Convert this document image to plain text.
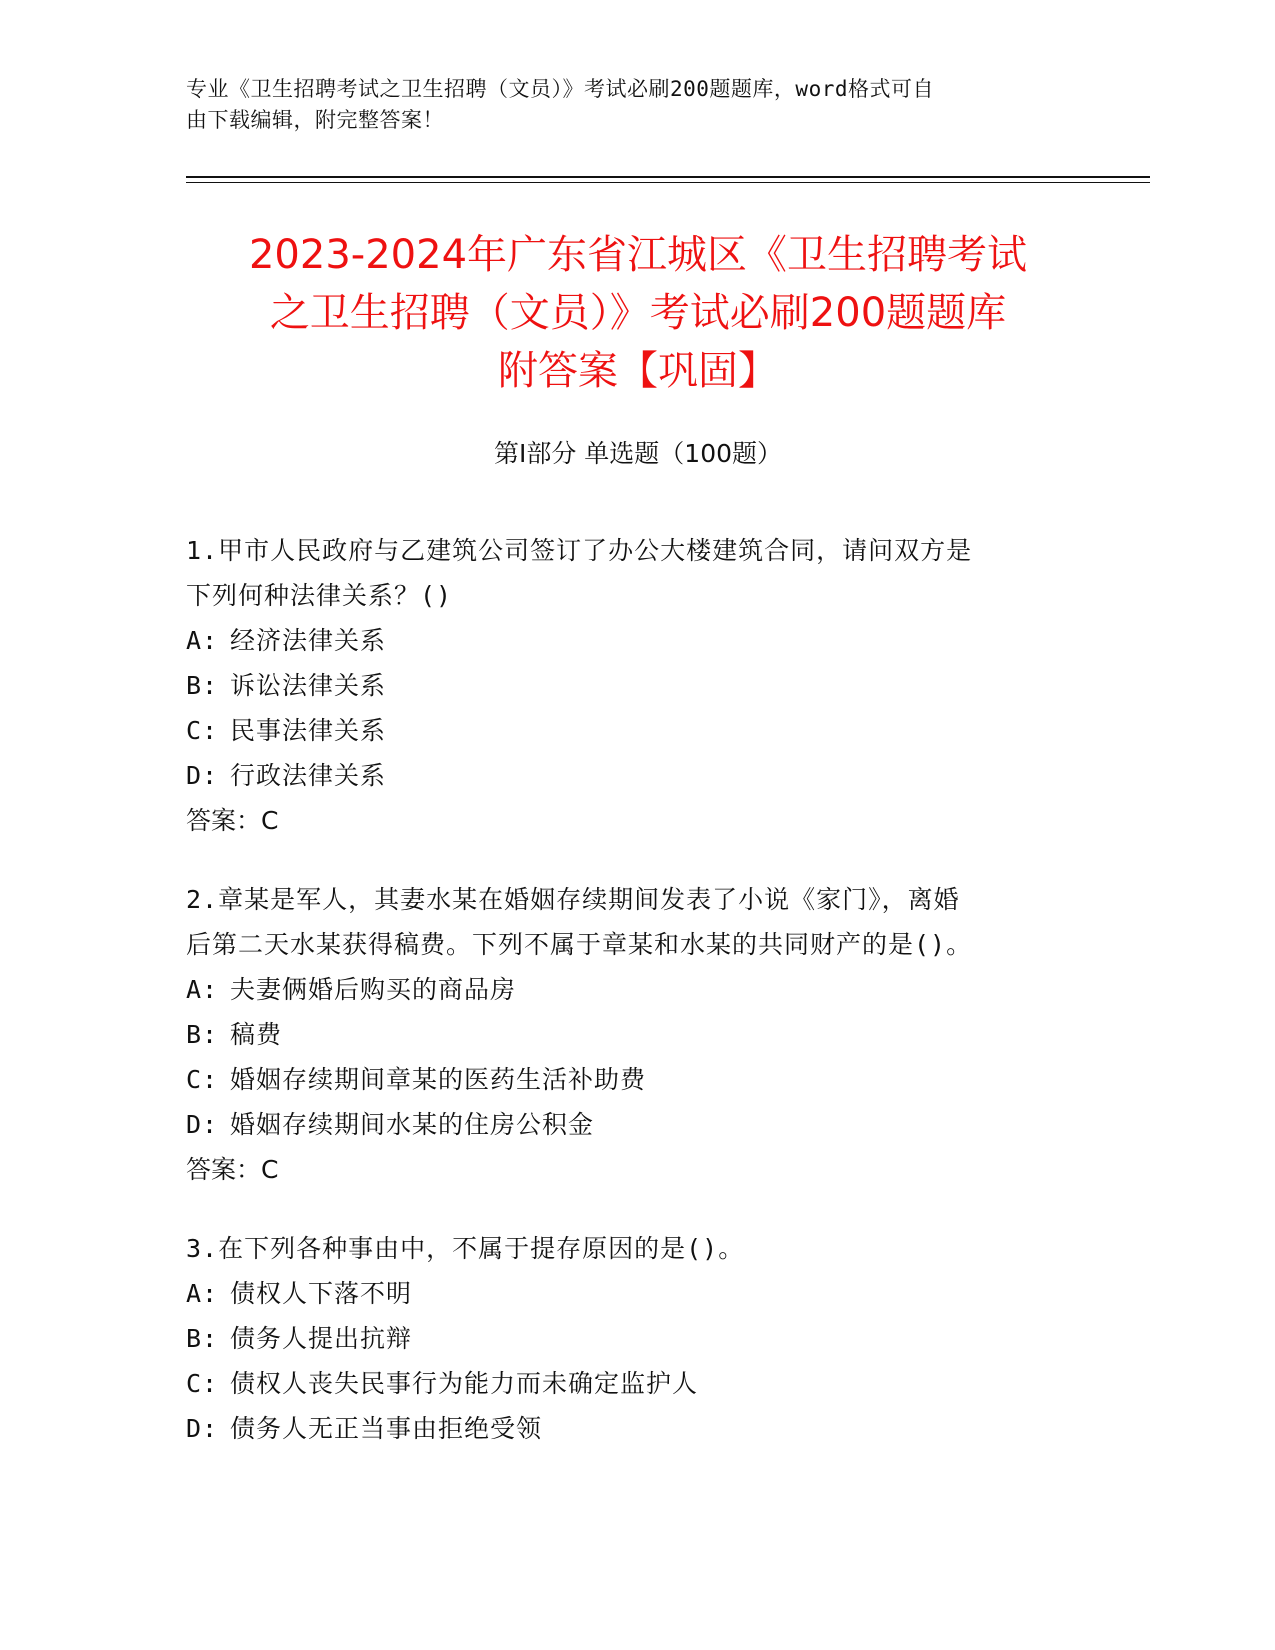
专业《卫生招聘考试之卫生招聘（文员）》考试必刷200题题库，word格式可自
由下载编辑，附完整答案！
2023-2024年广东省江城区《卫生招聘考试
之卫生招聘（文员）》考试必刷200题题库
附答案【巩固】
第Ⅰ部分 单选题（100题）
1.甲市人民政府与乙建筑公司签订了办公大楼建筑合同，请问双方是
下列何种法律关系？()
A: 经济法律关系
B: 诉讼法律关系
C: 民事法律关系
D: 行政法律关系
答案：C
2.章某是军人，其妻水某在婚姻存续期间发表了小说《家门》，离婚
后第二天水某获得稿费。下列不属于章某和水某的共同财产的是()。
A: 夫妻俩婚后购买的商品房
B: 稿费
C: 婚姻存续期间章某的医药生活补助费
D: 婚姻存续期间水某的住房公积金
答案：C
3.在下列各种事由中，不属于提存原因的是()。
A: 债权人下落不明
B: 债务人提出抗辩
C: 债权人丧失民事行为能力而未确定监护人
D: 债务人无正当事由拒绝受领
